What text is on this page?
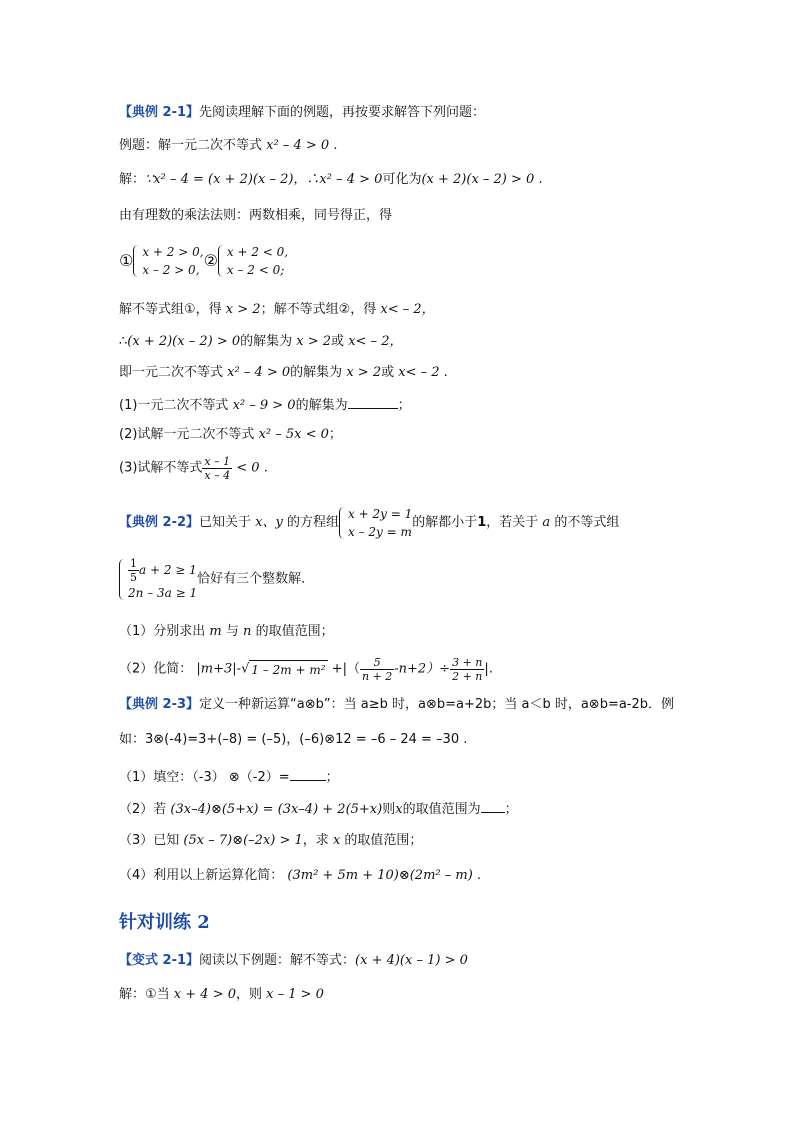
【典例 2-1】先阅读理解下面的例题，再按要求解答下列问题：
例题：解一元二次不等式 x² – 4 > 0 .
解：∵x² – 4 = (x + 2)(x – 2)，∴x² – 4 > 0可化为(x + 2)(x – 2) > 0 .
由有理数的乘法法则：两数相乘，同号得正，得
① x + 2 > 0,
x – 2 > 0, ② x + 2 < 0,
x – 2 < 0;
解不等式组①，得 x > 2；解不等式组②，得 x< – 2，
∴(x + 2)(x – 2) > 0的解集为 x > 2或 x< – 2，
即一元二次不等式 x² – 4 > 0的解集为 x > 2或 x< – 2 .
(1)一元二次不等式 x² – 9 > 0的解集为	；
(2)试解一元二次不等式 x² – 5x < 0；
(3)试解不等式 $\frac{x - 1}{x - 4} < 0$ .
【典例 2-2】已知关于 x、y 的方程组
x + 2y = 1
x – 2y = m
的解都小于1，若关于 a 的不等式组
$\frac{1}{5}$ a + 2 ≥ 1
2n – 3a ≥ 1
恰好有三个整数解．
（1）分别求出 m 与 n 的取值范围；
（2）化简： |m+3|-√ 1 – 2m + m² +|（ $\frac{5}{n + 2} -n+2)\div \frac{3 + n}{2 + n}$ |.
【典例 2-3】定义一种新运算“a⊗b”：当 a≥b 时，a⊗b=a+2b；当 a＜b 时，a⊗b=a-2b．例
如：3⊗(-4)=3+(–8) = (–5)，(–6)⊗12 = –6 – 24 = –30 .
（1）填空：（-3） ⊗（-2）=	；
（2）若 (3x–4)⊗(5+x) = (3x–4) + 2(5+x)则x的取值范围为 ；
（3）已知 (5x – 7)⊗(–2x) > 1，求 x 的取值范围；
（4）利用以上新运算化简： (3m² + 5m + 10)⊗(2m² – m) .
针对训练 2
【变式 2-1】阅读以下例题：解不等式：(x + 4)(x – 1) > 0
解：①当 x + 4 > 0，则 x – 1 > 0
